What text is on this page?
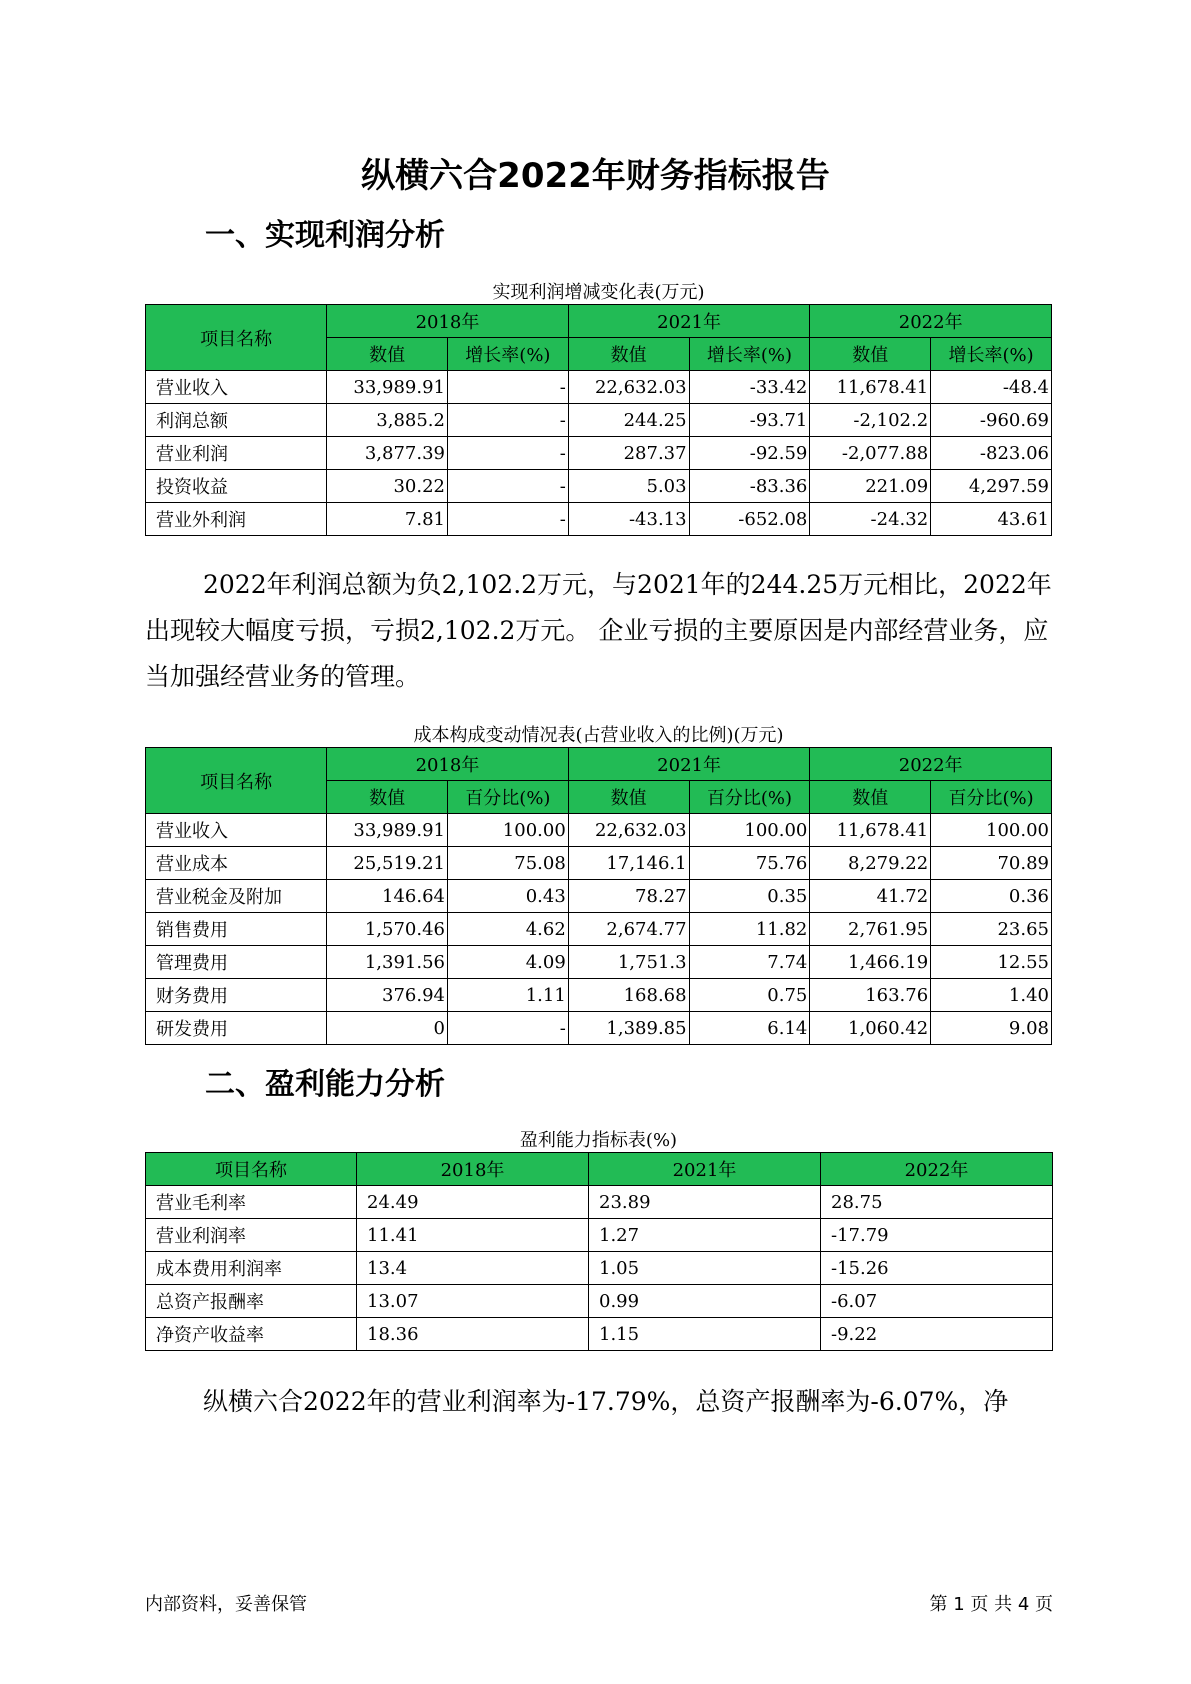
纵横六合2022年财务指标报告
一、实现利润分析
实现利润增减变化表(万元)
项目名称	2018年		2021年		2022年	
	数值	增长率(%)	数值	增长率(%)	数值	增长率(%)
营业收入	33,989.91	-	22,632.03	-33.42	11,678.41	-48.4
利润总额	3,885.2	-	244.25	-93.71	-2,102.2	-960.69
营业利润	3,877.39	-	287.37	-92.59	-2,077.88	-823.06
投资收益	30.22	-	5.03	-83.36	221.09	4,297.59
营业外利润	7.81	-	-43.13	-652.08	-24.32	43.61

2022年利润总额为负2,102.2万元，与2021年的244.25万元相比，2022年出现较大幅度亏损，亏损2,102.2万元。 企业亏损的主要原因是内部经营业务，应当加强经营业务的管理。

成本构成变动情况表(占营业收入的比例)(万元)
项目名称	2018年		2021年		2022年	
	数值	百分比(%)	数值	百分比(%)	数值	百分比(%)
营业收入	33,989.91	100.00	22,632.03	100.00	11,678.41	100.00
营业成本	25,519.21	75.08	17,146.1	75.76	8,279.22	70.89
营业税金及附加	146.64	0.43	78.27	0.35	41.72	0.36
销售费用	1,570.46	4.62	2,674.77	11.82	2,761.95	23.65
管理费用	1,391.56	4.09	1,751.3	7.74	1,466.19	12.55
财务费用	376.94	1.11	168.68	0.75	163.76	1.40
研发费用	0	-	1,389.85	6.14	1,060.42	9.08
二、盈利能力分析
盈利能力指标表(%)
项目名称	2018年	2021年	2022年
营业毛利率	24.49	23.89	28.75
营业利润率	11.41	1.27	-17.79
成本费用利润率	13.4	1.05	-15.26
总资产报酬率	13.07	0.99	-6.07
净资产收益率	18.36	1.15	-9.22

纵横六合2022年的营业利润率为-17.79%，总资产报酬率为-6.07%，净

内部资料，妥善保管	第 1 页 共 4 页
